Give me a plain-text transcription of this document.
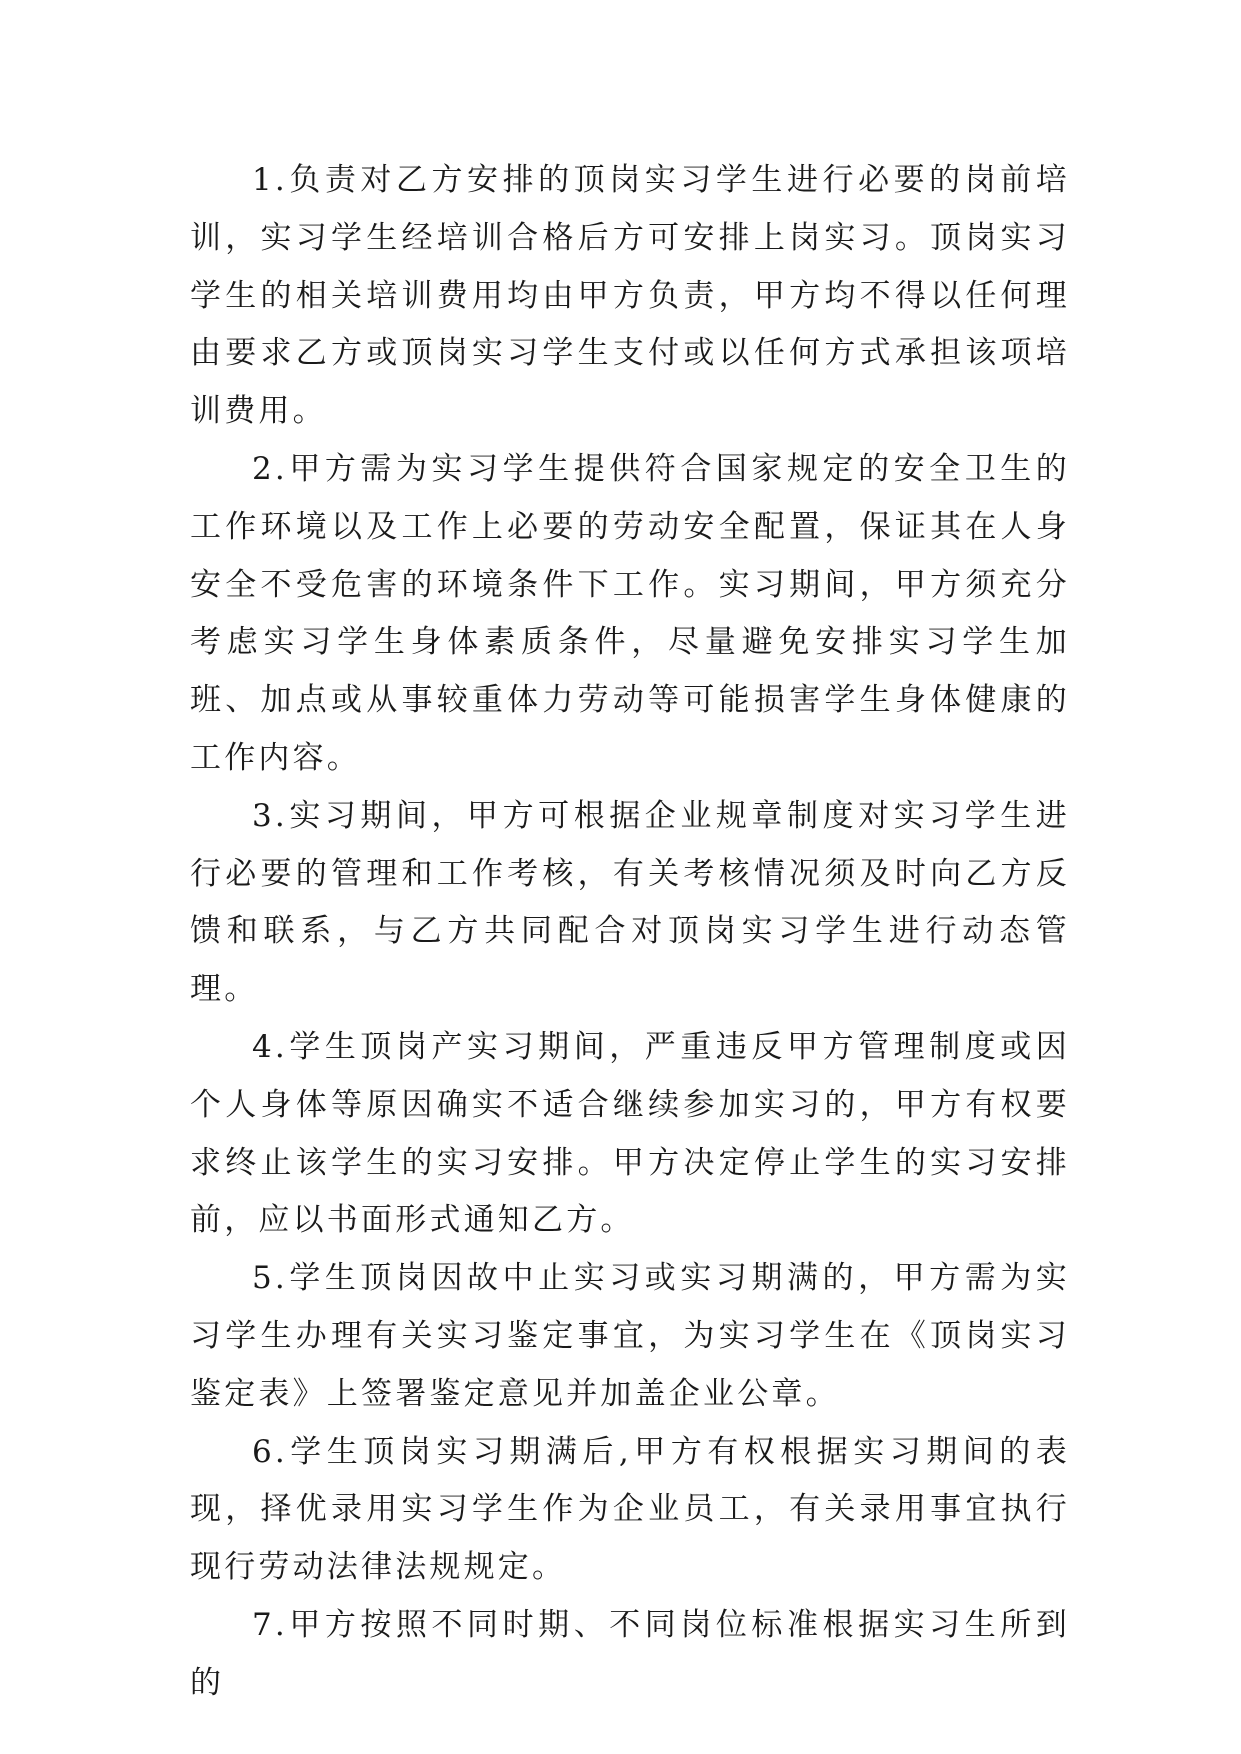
1.负责对乙方安排的顶岗实习学生进行必要的岗前培训，实习学生经培训合格后方可安排上岗实习。顶岗实习学生的相关培训费用均由甲方负责，甲方均不得以任何理由要求乙方或顶岗实习学生支付或以任何方式承担该项培训费用。

2.甲方需为实习学生提供符合国家规定的安全卫生的工作环境以及工作上必要的劳动安全配置，保证其在人身安全不受危害的环境条件下工作。实习期间，甲方须充分考虑实习学生身体素质条件，尽量避免安排实习学生加班、加点或从事较重体力劳动等可能损害学生身体健康的工作内容。

3.实习期间，甲方可根据企业规章制度对实习学生进行必要的管理和工作考核，有关考核情况须及时向乙方反馈和联系，与乙方共同配合对顶岗实习学生进行动态管理。

4.学生顶岗产实习期间，严重违反甲方管理制度或因个人身体等原因确实不适合继续参加实习的，甲方有权要求终止该学生的实习安排。甲方决定停止学生的实习安排前，应以书面形式通知乙方。

5.学生顶岗因故中止实习或实习期满的，甲方需为实习学生办理有关实习鉴定事宜，为实习学生在《顶岗实习鉴定表》上签署鉴定意见并加盖企业公章。

6.学生顶岗实习期满后,甲方有权根据实习期间的表现，择优录用实习学生作为企业员工，有关录用事宜执行现行劳动法律法规规定。

7.甲方按照不同时期、不同岗位标准根据实习生所到的
